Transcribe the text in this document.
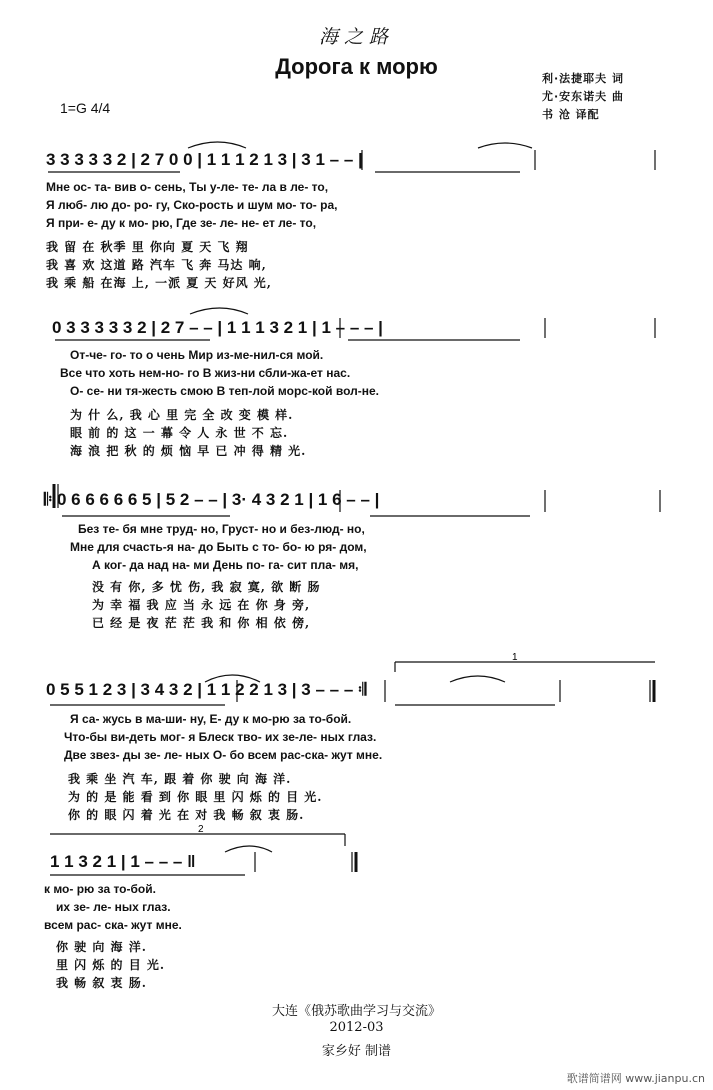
海之路
Дорога к морю	利·法捷耶夫 词
尤·安东诺夫 曲
书 沧 译配
1=G 4/4
2
1
3 3 3 3 3 2 | 2 7 0 0 | 1 1 1 2 1 3 | 3 1 – – |
Мне ос- та- вив о- сень, Ты у-ле- те- ла в ле- то,
Я люб- лю до- ро- гу, Ско-рость и шум мо- то- ра,
Я при- е- ду к мо- рю, Где зе- ле- не- ет ле- то,
我 留 在 秋季 里 你向 夏 天 飞 翔
我 喜 欢 这道 路 汽车 飞 奔 马达 响,
我 乘 船 在海 上, 一派 夏 天 好风 光,
0 3 3 3 3 3 2 | 2 7 – – | 1 1 1 3 2 1 | 1 – – – |
От-че- го- то о чень Мир из-ме-нил-ся мой.
Все что хоть нем-но- го В жиз-ни сбли-жа-ет нас.
О- се- ни тя-жесть смою В теп-лой морс-кой вол-не.
为 什 么, 我 心 里 完 全 改 变 模 样.
眼 前 的 这 一 幕 令 人 永 世 不 忘.
海 浪 把 秋 的 烦 恼 早 已 冲 得 精 光.
𝄆 0 6 6 6 6 6 5 | 5 2 – – | 3· 4 3 2 1 | 1 6 – – |
Без те- бя мне труд- но, Груст- но и без-люд- но,
Мне для счасть-я на- до Быть с то- бо- ю ря- дом,
А ког- да над на- ми День по- га- сит пла- мя,
没 有 你, 多 忧 伤, 我 寂 寞, 欲 断 肠
为 幸 福 我 应 当 永 远 在 你 身 旁,
已 经 是 夜 茫 茫 我 和 你 相 依 傍,
0 5 5 1 2 3 | 3 4 3 2 | 1 1 2 2 1 3 | 3 – – – 𝄇
Я са- жусь в ма-ши- ну, Е- ду к мо-рю за то-бой.
Что-бы ви-деть мог- я Блеск тво- их зе-ле- ных глаз.
Две звез- ды зе- ле- ных О- бо всем рас-ска- жут мне.
我 乘 坐 汽 车, 跟 着 你 驶 向 海 洋.
为 的 是 能 看 到 你 眼 里 闪 烁 的 目 光.
你 的 眼 闪 着 光 在 对 我 畅 叙 衷 肠.
1 1 3 2 1 | 1 – – – ‖
к мо- рю за то-бой.
их зе- ле- ных глаз.
всем рас- ска- жут мне.
你 驶 向 海 洋.
里 闪 烁 的 目 光.
我 畅 叙 衷 肠.
大连《俄苏歌曲学习与交流》
2012-03
家乡好 制谱
歌谱简谱网 www.jianpu.cn
